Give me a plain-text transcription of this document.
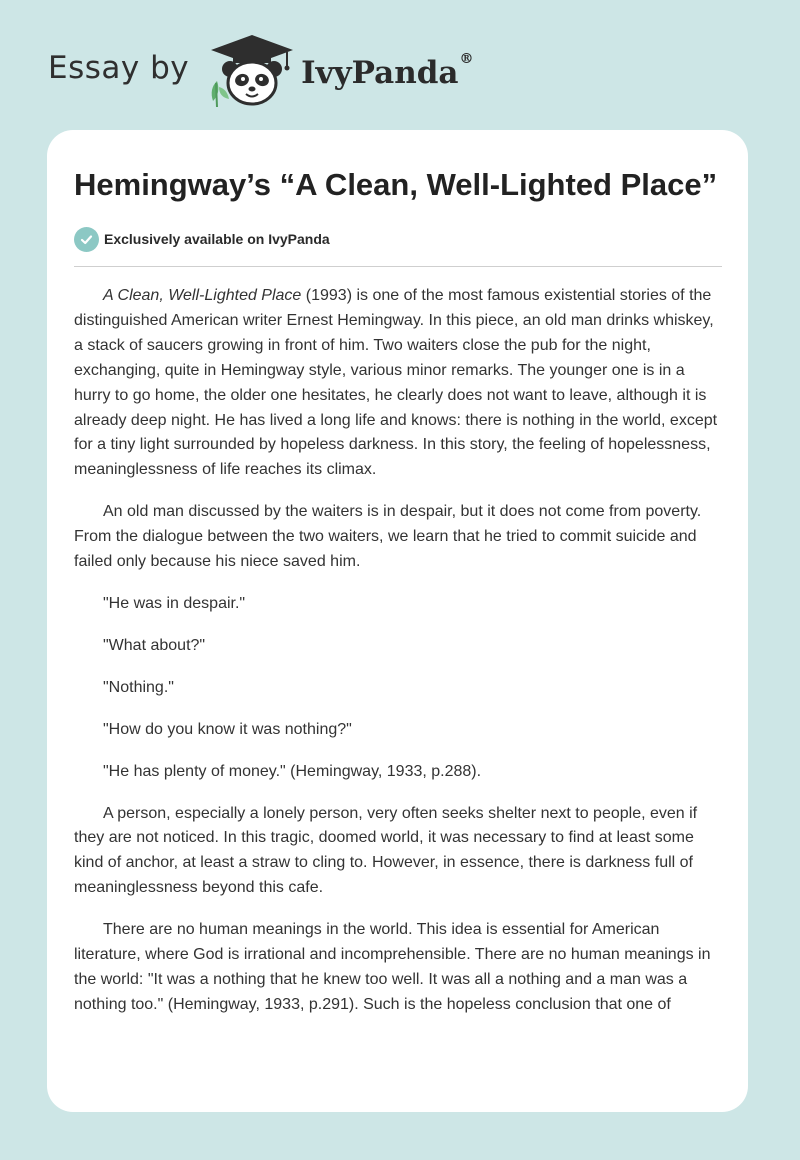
Essay by	IvyPanda®
Hemingway’s “A Clean, Well-Lighted Place”
Exclusively available on IvyPanda

A Clean, Well-Lighted Place (1993) is one of the most famous existential stories of the distinguished American writer Ernest Hemingway. In this piece, an old man drinks whiskey, a stack of saucers growing in front of him. Two waiters close the pub for the night, exchanging, quite in Hemingway style, various minor remarks. The younger one is in a hurry to go home, the older one hesitates, he clearly does not want to leave, although it is already deep night. He has lived a long life and knows: there is nothing in the world, except for a tiny light surrounded by hopeless darkness. In this story, the feeling of hopelessness, meaninglessness of life reaches its climax.

An old man discussed by the waiters is in despair, but it does not come from poverty. From the dialogue between the two waiters, we learn that he tried to commit suicide and failed only because his niece saved him.

"He was in despair."

"What about?"

"Nothing."

"How do you know it was nothing?"

"He has plenty of money." (Hemingway, 1933, p.288).

A person, especially a lonely person, very often seeks shelter next to people, even if they are not noticed. In this tragic, doomed world, it was necessary to find at least some kind of anchor, at least a straw to cling to. However, in essence, there is darkness full of meaninglessness beyond this cafe.

There are no human meanings in the world. This idea is essential for American literature, where God is irrational and incomprehensible. There are no human meanings in the world: "It was a nothing that he knew too well. It was all a nothing and a man was a nothing too." (Hemingway, 1933, p.291). Such is the hopeless conclusion that one of
